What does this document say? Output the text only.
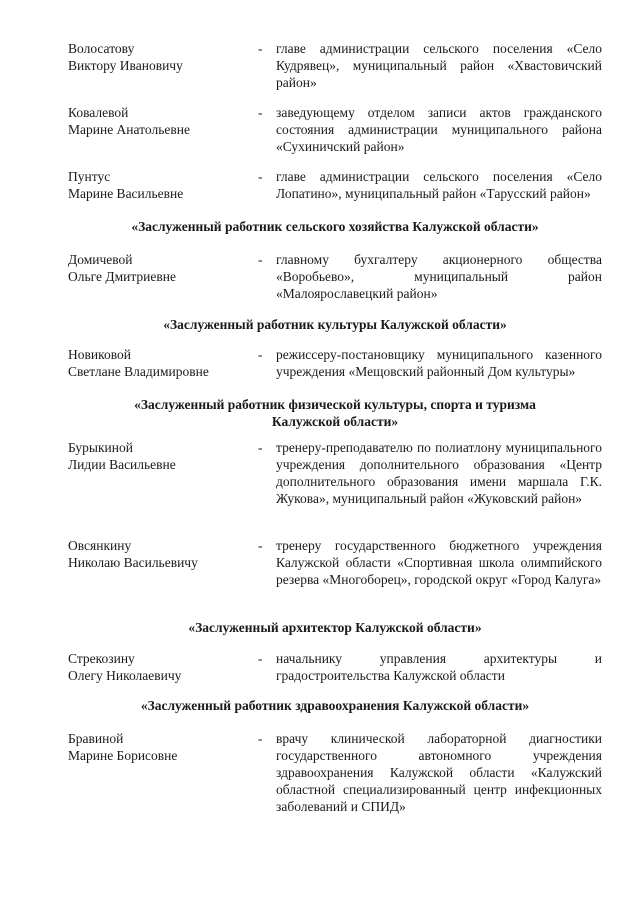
Волосатову
Виктору Ивановичу
- главе администрации сельского поселения «Село Кудрявец», муниципальный район «Хвастовичский район»
Ковалевой
Марине Анатольевне
- заведующему отделом записи актов гражданского состояния администрации муниципального района «Сухиничский район»
Пунтус
Марине Васильевне
- главе администрации сельского поселения «Село Лопатино», муниципальный район «Тарусский район»
«Заслуженный работник сельского хозяйства Калужской области»
Домичевой
Ольге Дмитриевне
- главному бухгалтеру акционерного общества «Воробьево», муниципальный район «Малоярославецкий район»
«Заслуженный работник культуры Калужской области»
Новиковой
Светлане Владимировне
- режиссеру-постановщику муниципального казенного учреждения «Мещовский районный Дом культуры»
«Заслуженный работник физической культуры, спорта и туризма
Калужской области»
Бурыкиной
Лидии Васильевне
- тренеру-преподавателю по полиатлону муниципального учреждения дополнительного образования «Центр дополнительного образования имени маршала Г.К. Жукова», муниципальный район «Жуковский район»
Овсянкину
Николаю Васильевичу
- тренеру государственного бюджетного учреждения Калужской области «Спортивная школа олимпийского резерва «Многоборец», городской округ «Город Калуга»
«Заслуженный архитектор Калужской области»
Стрекозину
Олегу Николаевичу
- начальнику управления архитектуры и градостроительства Калужской области
«Заслуженный работник здравоохранения Калужской области»
Бравиной
Марине Борисовне
- врачу клинической лабораторной диагностики государственного автономного учреждения здравоохранения Калужской области «Калужский областной специализированный центр инфекционных заболеваний и СПИД»
